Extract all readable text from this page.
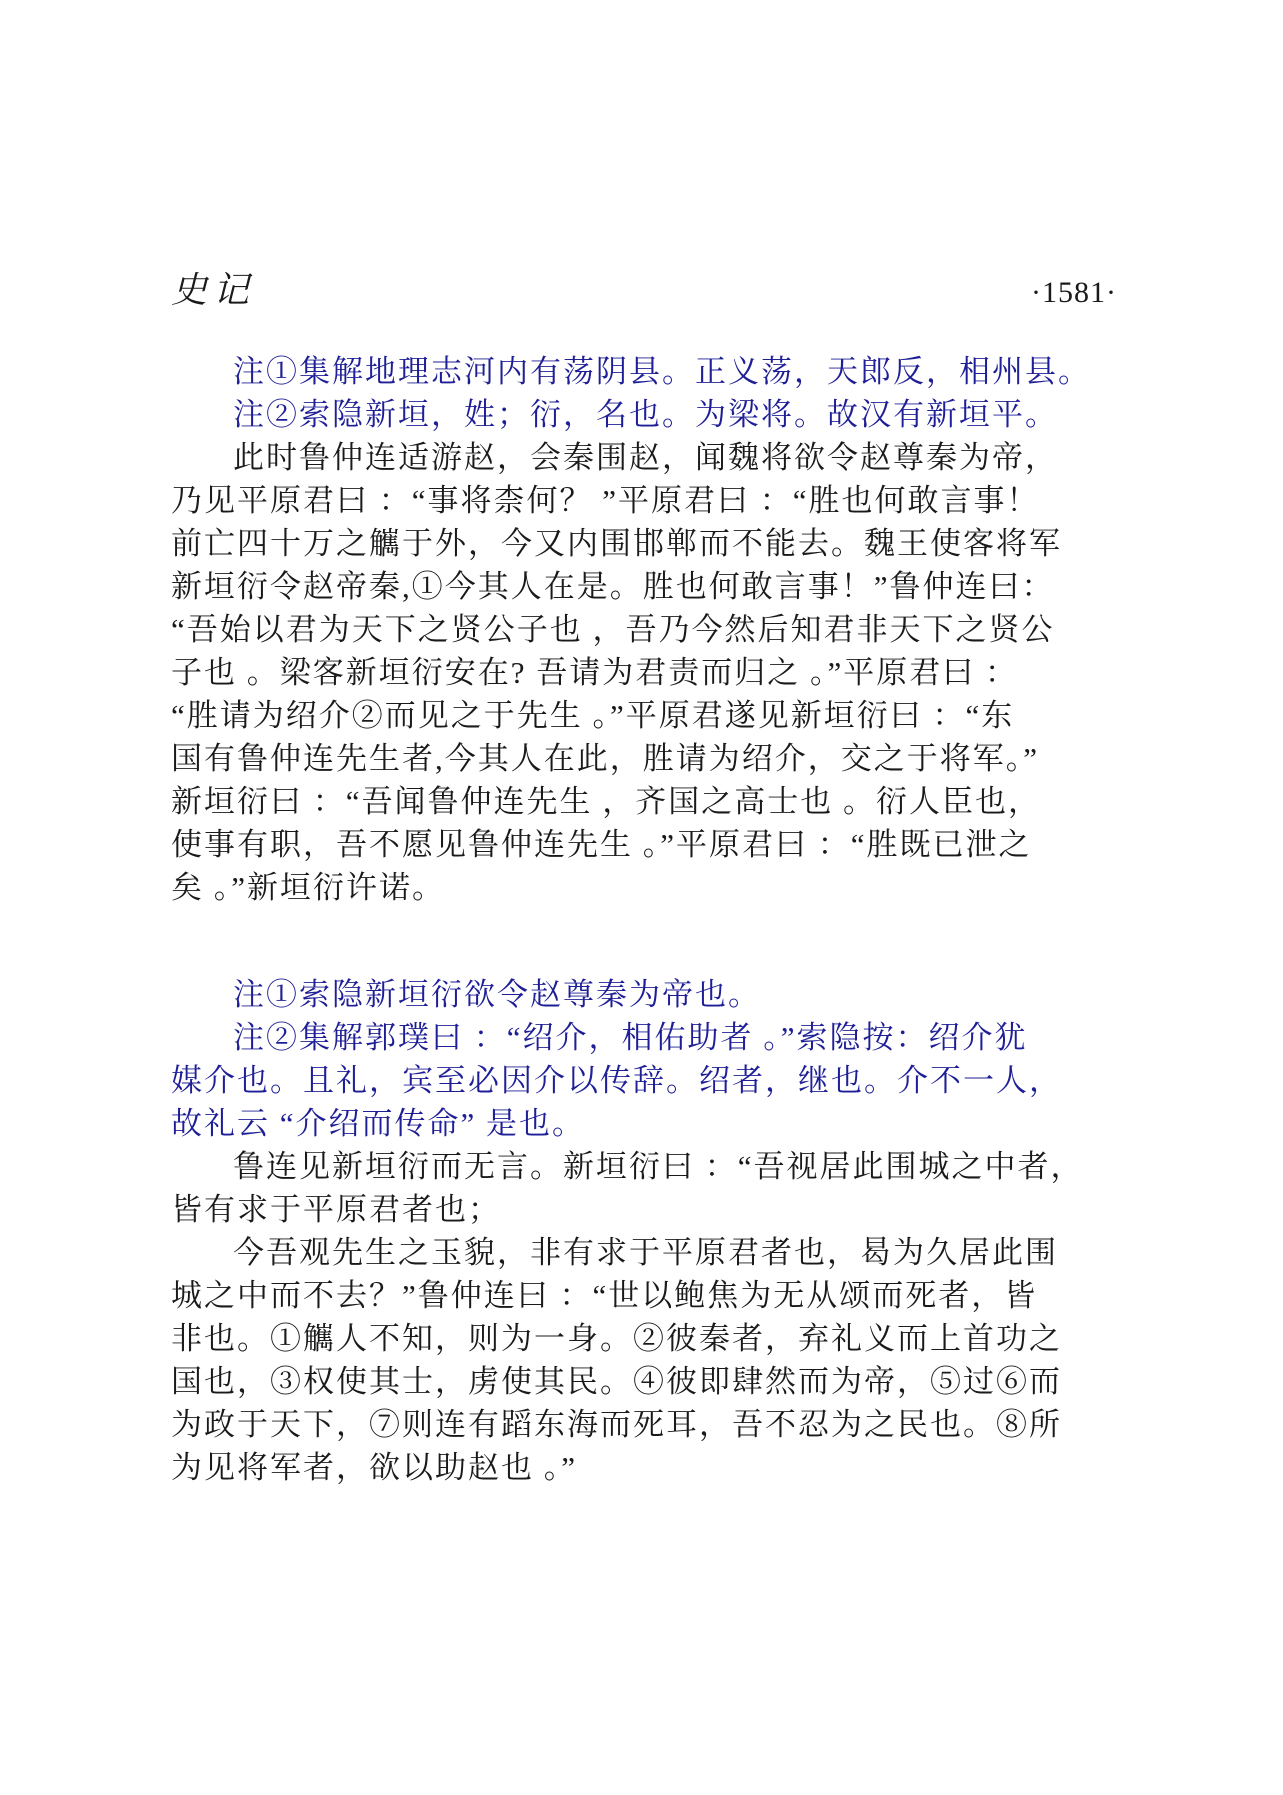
史记	·1581·
注①集解地理志河内有荡阴县。正义荡，天郎反，相州县。
注②索隐新垣，姓；衍，名也。为梁将。故汉有新垣平。
此时鲁仲连适游赵，会秦围赵，闻魏将欲令赵尊秦为帝，
乃见平原君曰 ：“事将柰何？ ”平原君曰 ：“胜也何敢言事！
前亡四十万之觽于外，今又内围邯郸而不能去。魏王使客将军
新垣衍令赵帝秦,①今其人在是。胜也何敢言事！”鲁仲连曰：
“吾始以君为天下之贤公子也 ，吾乃今然后知君非天下之贤公
子也 。梁客新垣衍安在? 吾请为君责而归之 。”平原君曰 ：
“胜请为绍介②而见之于先生 。”平原君遂见新垣衍曰 ：“东
国有鲁仲连先生者,今其人在此，胜请为绍介，交之于将军。”
新垣衍曰 ：“吾闻鲁仲连先生 ，齐国之高士也 。衍人臣也，
使事有职，吾不愿见鲁仲连先生 。”平原君曰 ：“胜既已泄之
矣 。”新垣衍许诺。
注①索隐新垣衍欲令赵尊秦为帝也。
注②集解郭璞曰 ：“绍介，相佑助者 。”索隐按：绍介犹
媒介也。且礼，宾至必因介以传辞。绍者，继也。介不一人，
故礼云 “介绍而传命” 是也。
鲁连见新垣衍而无言。新垣衍曰 ：“吾视居此围城之中者，
皆有求于平原君者也；
今吾观先生之玉貌，非有求于平原君者也，曷为久居此围
城之中而不去？”鲁仲连曰 ：“世以鲍焦为无从颂而死者，皆
非也。①觽人不知，则为一身。②彼秦者，弃礼义而上首功之
国也，③权使其士，虏使其民。④彼即肆然而为帝，⑤过⑥而
为政于天下，⑦则连有蹈东海而死耳，吾不忍为之民也。⑧所
为见将军者，欲以助赵也 。”
